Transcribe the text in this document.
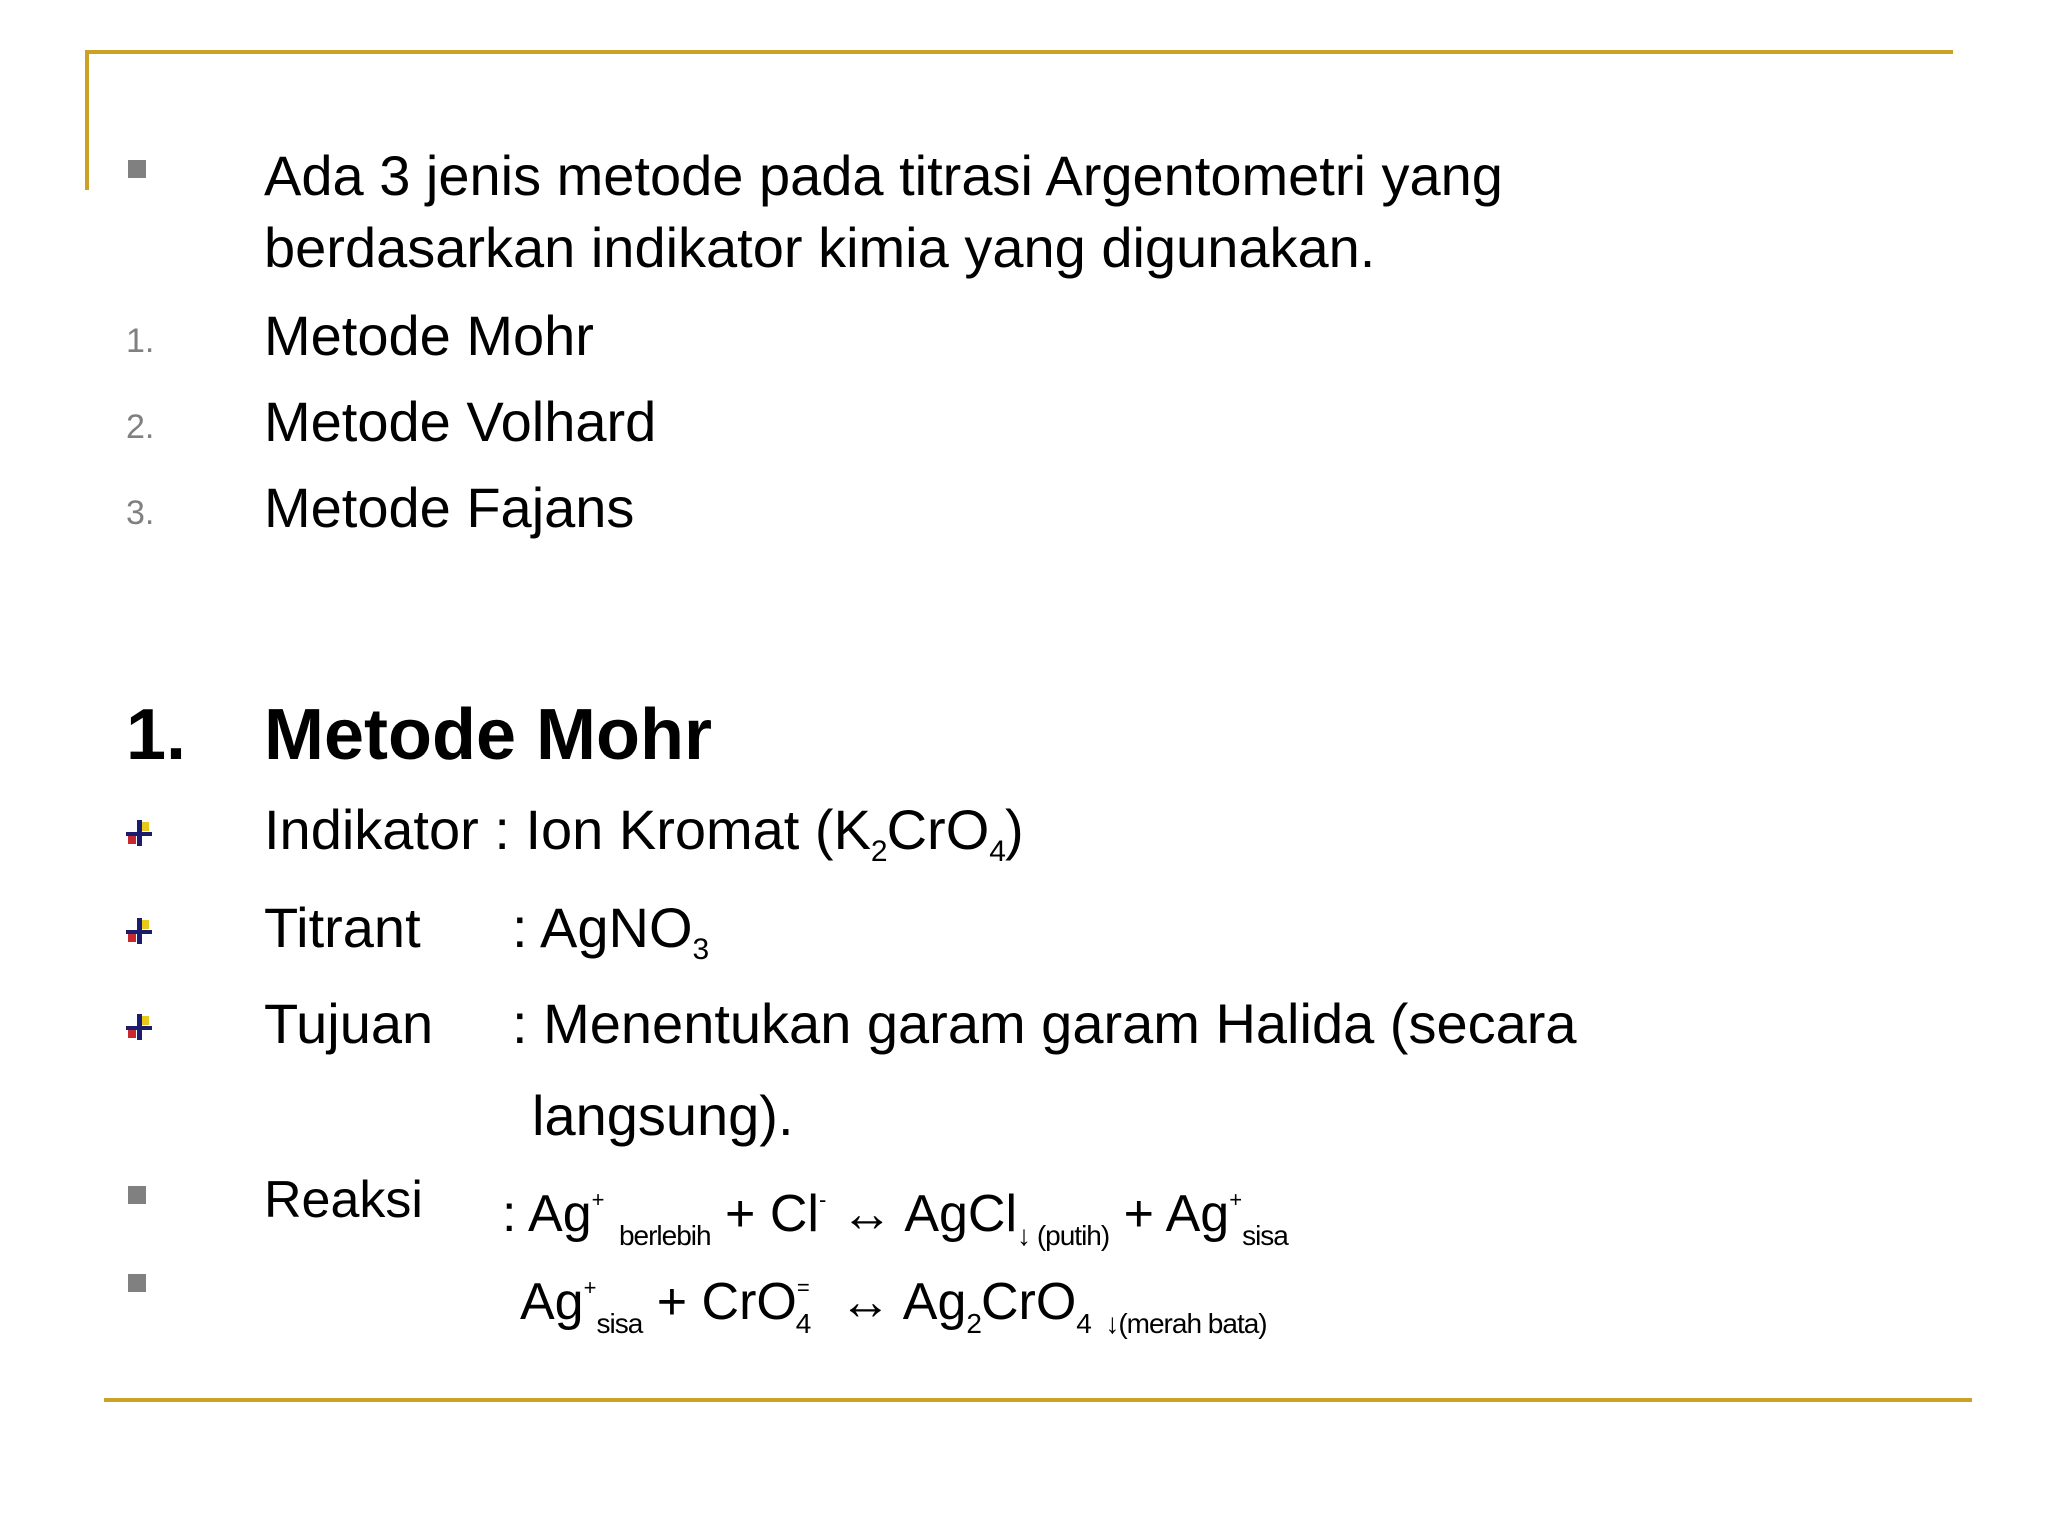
Ada 3 jenis metode pada titrasi Argentometri yang
berdasarkan indikator kimia yang digunakan.
1. Metode Mohr
2. Metode Volhard
3. Metode Fajans
1. Metode Mohr
Indikator : Ion Kromat $(K_2CrO_4)$
Titrant : AgNO$_3$
Tujuan : Menentukan garam garam Halida (secara
langsung).
Reaksi : Ag+ $_{berlebih}$ + Cl- ↔ AgCl$_{↓ (putih)}$ + $Ag^+_{sisa}$
$Ag^+_{sisa} + CrO^=_4$ ↔ $Ag_2CrO_4$ $_{↓(merah bata)}$
